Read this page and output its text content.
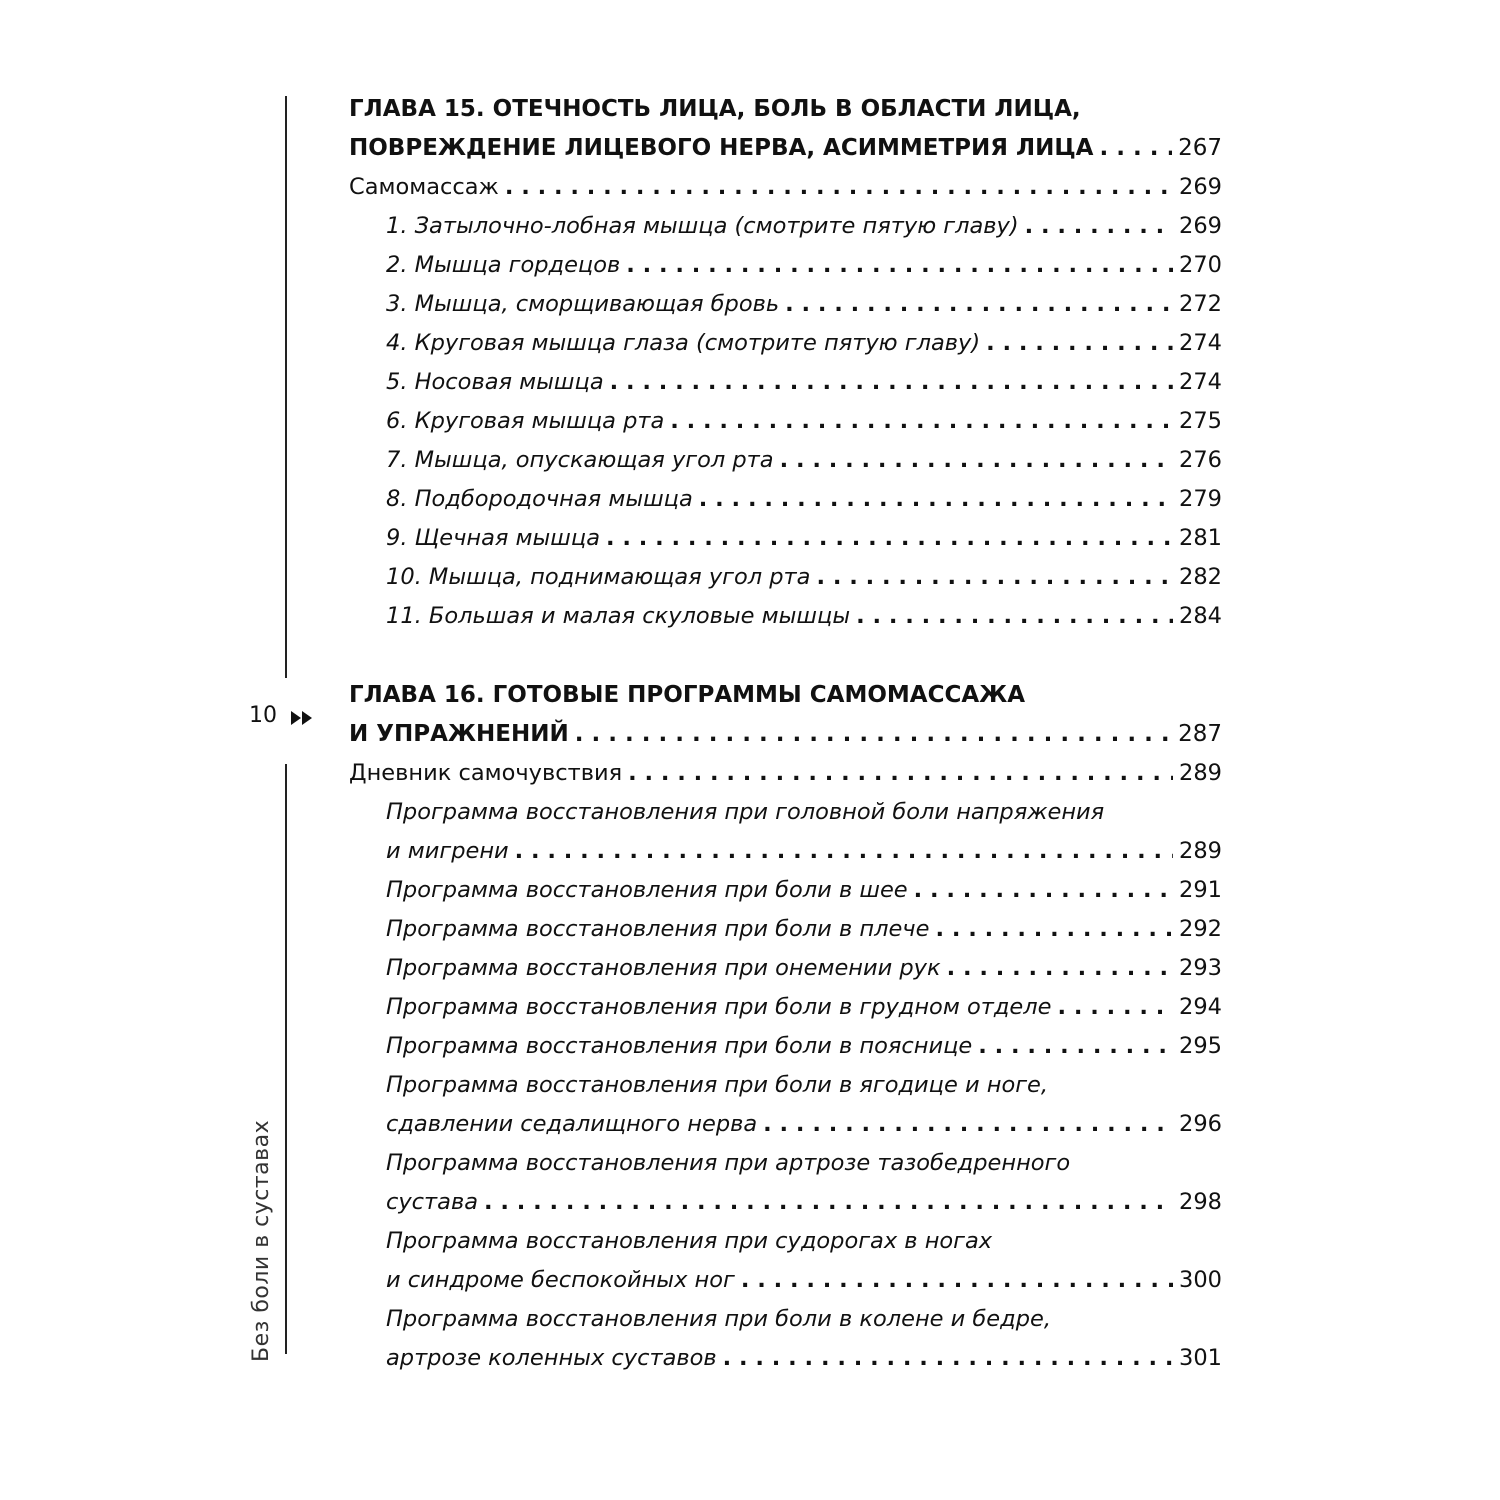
10
Без боли в суставах
ГЛАВА 15. ОТЕЧНОСТЬ ЛИЦА, БОЛЬ В ОБЛАСТИ ЛИЦА,
ПОВРЕЖДЕНИЕ ЛИЦЕВОГО НЕРВА, АСИММЕТРИЯ ЛИЦА . . .	267
Самомассаж . . .	269
1. Затылочно-лобная мышца (смотрите пятую главу) . . .	269
2. Мышца гордецов . . .	270
3. Мышца, сморщивающая бровь . . .	272
4. Круговая мышца глаза (смотрите пятую главу) . . .	274
5. Носовая мышца . . .	274
6. Круговая мышца рта . . .	275
7. Мышца, опускающая угол рта . . .	276
8. Подбородочная мышца . . .	279
9. Щечная мышца . . .	281
10. Мышца, поднимающая угол рта . . .	282
11. Большая и малая скуловые мышцы . . .	284
ГЛАВА 16. ГОТОВЫЕ ПРОГРАММЫ САМОМАССАЖА
И УПРАЖНЕНИЙ . . .	287
Дневник самочувствия . . .	289
Программа восстановления при головной боли напряжения
и мигрени . . .	289
Программа восстановления при боли в шее . . .	291
Программа восстановления при боли в плече . . .	292
Программа восстановления при онемении рук . . .	293
Программа восстановления при боли в грудном отделе . . .	294
Программа восстановления при боли в пояснице . . .	295
Программа восстановления при боли в ягодице и ноге,
сдавлении седалищного нерва . . .	296
Программа восстановления при артрозе тазобедренного
сустава . . .	298
Программа восстановления при судорогах в ногах
и синдроме беспокойных ног . . .	300
Программа восстановления при боли в колене и бедре,
артрозе коленных суставов . . .	301
